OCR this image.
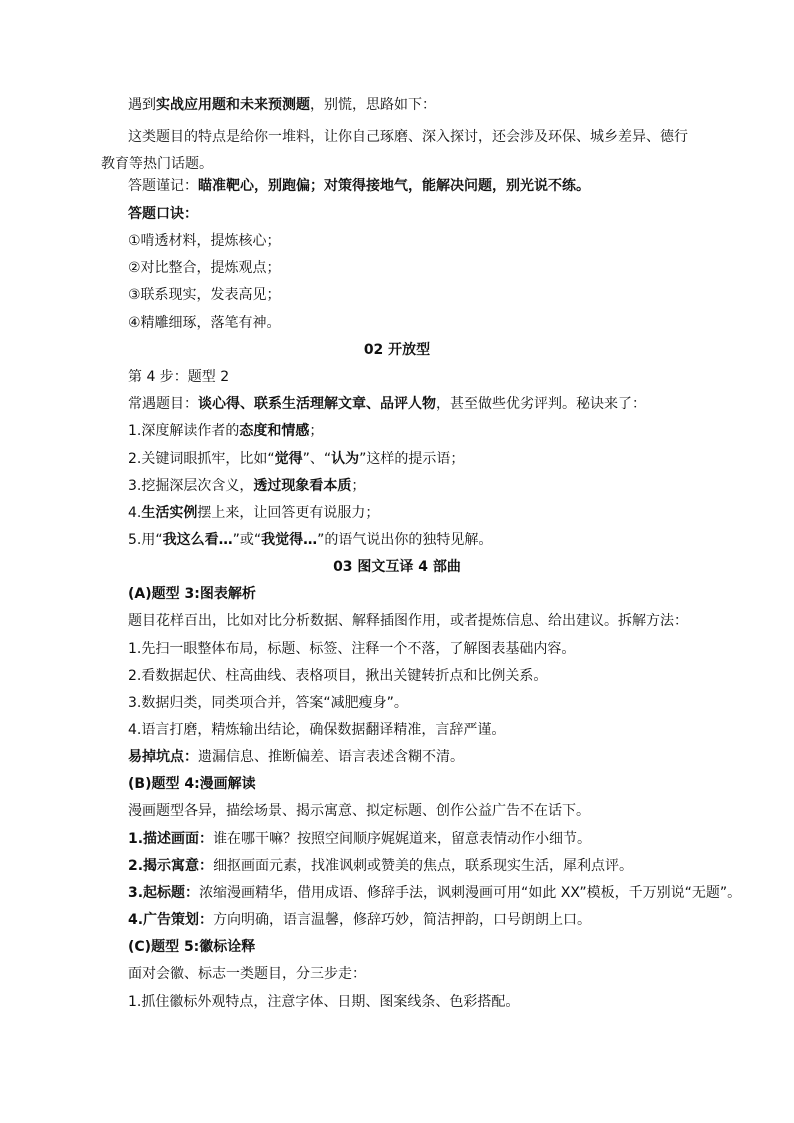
遇到实战应用题和未来预测题，别慌，思路如下：
这类题目的特点是给你一堆料，让你自己琢磨、深入探讨，还会涉及环保、城乡差异、德行教育等热门话题。
答题谨记：瞄准靶心，别跑偏；对策得接地气，能解决问题，别光说不练。
答题口诀：
①啃透材料，提炼核心；
②对比整合，提炼观点；
③联系现实，发表高见；
④精雕细琢，落笔有神。
02 开放型
第 4 步：题型 2
常遇题目：谈心得、联系生活理解文章、品评人物，甚至做些优劣评判。秘诀来了：
1.深度解读作者的态度和情感；
2.关键词眼抓牢，比如“觉得”、“认为”这样的提示语；
3.挖掘深层次含义，透过现象看本质；
4.生活实例摆上来，让回答更有说服力；
5.用“我这么看…”或“我觉得…”的语气说出你的独特见解。
03 图文互译 4 部曲
(A)题型 3:图表解析
题目花样百出，比如对比分析数据、解释插图作用，或者提炼信息、给出建议。拆解方法：
1.先扫一眼整体布局，标题、标签、注释一个不落，了解图表基础内容。
2.看数据起伏、柱高曲线、表格项目，揪出关键转折点和比例关系。
3.数据归类，同类项合并，答案“减肥瘦身”。
4.语言打磨，精炼输出结论，确保数据翻译精准，言辞严谨。
易掉坑点：遗漏信息、推断偏差、语言表述含糊不清。
(B)题型 4:漫画解读
漫画题型各异，描绘场景、揭示寓意、拟定标题、创作公益广告不在话下。
1.描述画面：谁在哪干嘛？按照空间顺序娓娓道来，留意表情动作小细节。
2.揭示寓意：细抠画面元素，找准讽刺或赞美的焦点，联系现实生活，犀利点评。
3.起标题：浓缩漫画精华，借用成语、修辞手法，讽刺漫画可用“如此 XX”模板，千万别说“无题”。
4.广告策划：方向明确，语言温馨，修辞巧妙，简洁押韵，口号朗朗上口。
(C)题型 5:徽标诠释
面对会徽、标志一类题目，分三步走：
1.抓住徽标外观特点，注意字体、日期、图案线条、色彩搭配。
